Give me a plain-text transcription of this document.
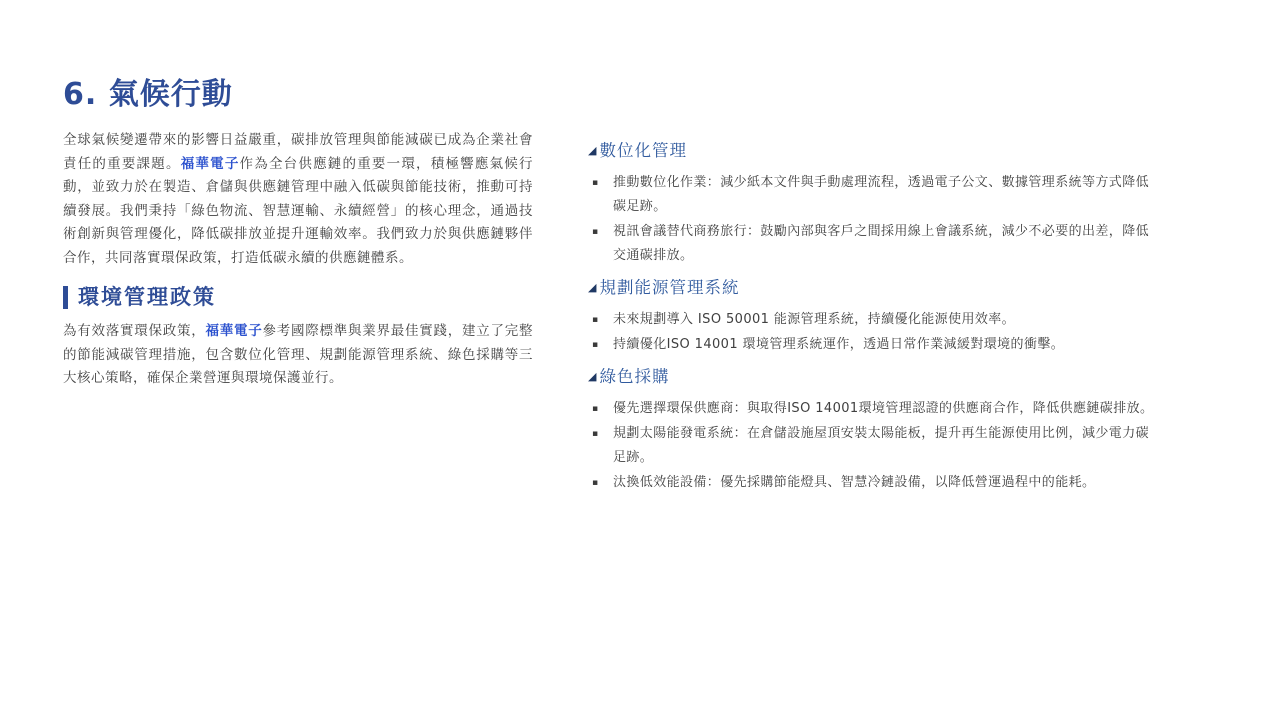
6. 氣候行動

全球氣候變遷帶來的影響日益嚴重，碳排放管理與節能減碳已成為企業社會責任的重要課題。福華電子作為全台供應鏈的重要一環，積極響應氣候行動，並致力於在製造、倉儲與供應鏈管理中融入低碳與節能技術，推動可持續發展。我們秉持「綠色物流、智慧運輸、永續經營」的核心理念，通過技術創新與管理優化，降低碳排放並提升運輸效率。我們致力於與供應鏈夥伴合作，共同落實環保政策，打造低碳永續的供應鏈體系。

環境管理政策

為有效落實環保政策，福華電子參考國際標準與業界最佳實踐，建立了完整的節能減碳管理措施，包含數位化管理、規劃能源管理系統、綠色採購等三大核心策略，確保企業營運與環境保護並行。

◢ 數位化管理
▪ 推動數位化作業：減少紙本文件與手動處理流程，透過電子公文、數據管理系統等方式降低碳足跡。
▪ 視訊會議替代商務旅行：鼓勵內部與客戶之間採用線上會議系統，減少不必要的出差，降低交通碳排放。
◢ 規劃能源管理系統
▪ 未來規劃導入 ISO 50001 能源管理系統，持續優化能源使用效率。
▪ 持續優化ISO 14001 環境管理系統運作，透過日常作業減緩對環境的衝擊。
◢ 綠色採購
▪ 優先選擇環保供應商：與取得ISO 14001環境管理認證的供應商合作，降低供應鏈碳排放。
▪ 規劃太陽能發電系統：在倉儲設施屋頂安裝太陽能板，提升再生能源使用比例，減少電力碳足跡。
▪ 汰換低效能設備：優先採購節能燈具、智慧冷鏈設備，以降低營運過程中的能耗。
